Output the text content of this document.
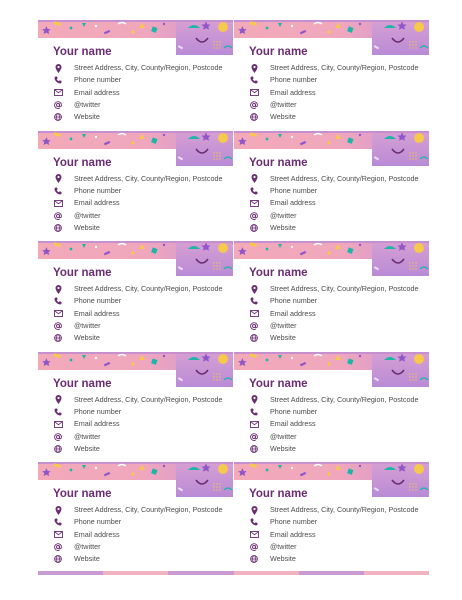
Your name
Street Address, City, County/Region, Postcode
Phone number
Email address
@twitter
Website
Your name
Street Address, City, County/Region, Postcode
Phone number
Email address
@twitter
Website
Your name
Street Address, City, County/Region, Postcode
Phone number
Email address
@twitter
Website
Your name
Street Address, City, County/Region, Postcode
Phone number
Email address
@twitter
Website
Your name
Street Address, City, County/Region, Postcode
Phone number
Email address
@twitter
Website
Your name
Street Address, City, County/Region, Postcode
Phone number
Email address
@twitter
Website
Your name
Street Address, City, County/Region, Postcode
Phone number
Email address
@twitter
Website
Your name
Street Address, City, County/Region, Postcode
Phone number
Email address
@twitter
Website
Your name
Street Address, City, County/Region, Postcode
Phone number
Email address
@twitter
Website
Your name
Street Address, City, County/Region, Postcode
Phone number
Email address
@twitter
Website
